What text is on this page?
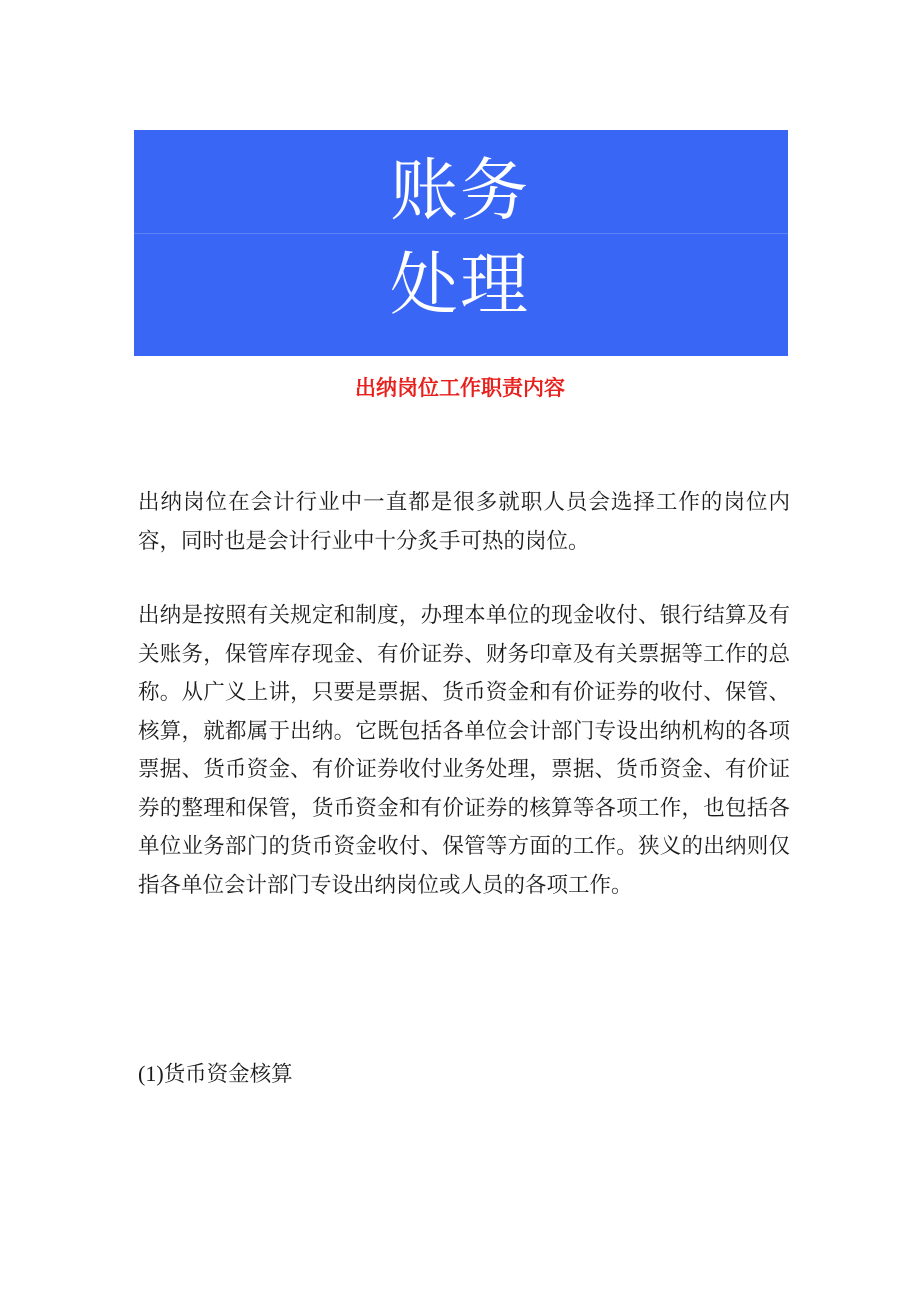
账务
处理
出纳岗位工作职责内容

出纳岗位在会计行业中一直都是很多就职人员会选择工作的岗位内容，同时也是会计行业中十分炙手可热的岗位。

出纳是按照有关规定和制度，办理本单位的现金收付、银行结算及有关账务，保管库存现金、有价证券、财务印章及有关票据等工作的总称。从广义上讲，只要是票据、货币资金和有价证券的收付、保管、核算，就都属于出纳。它既包括各单位会计部门专设出纳机构的各项票据、货币资金、有价证券收付业务处理，票据、货币资金、有价证券的整理和保管，货币资金和有价证券的核算等各项工作，也包括各单位业务部门的货币资金收付、保管等方面的工作。狭义的出纳则仅指各单位会计部门专设出纳岗位或人员的各项工作。

(1)货币资金核算
